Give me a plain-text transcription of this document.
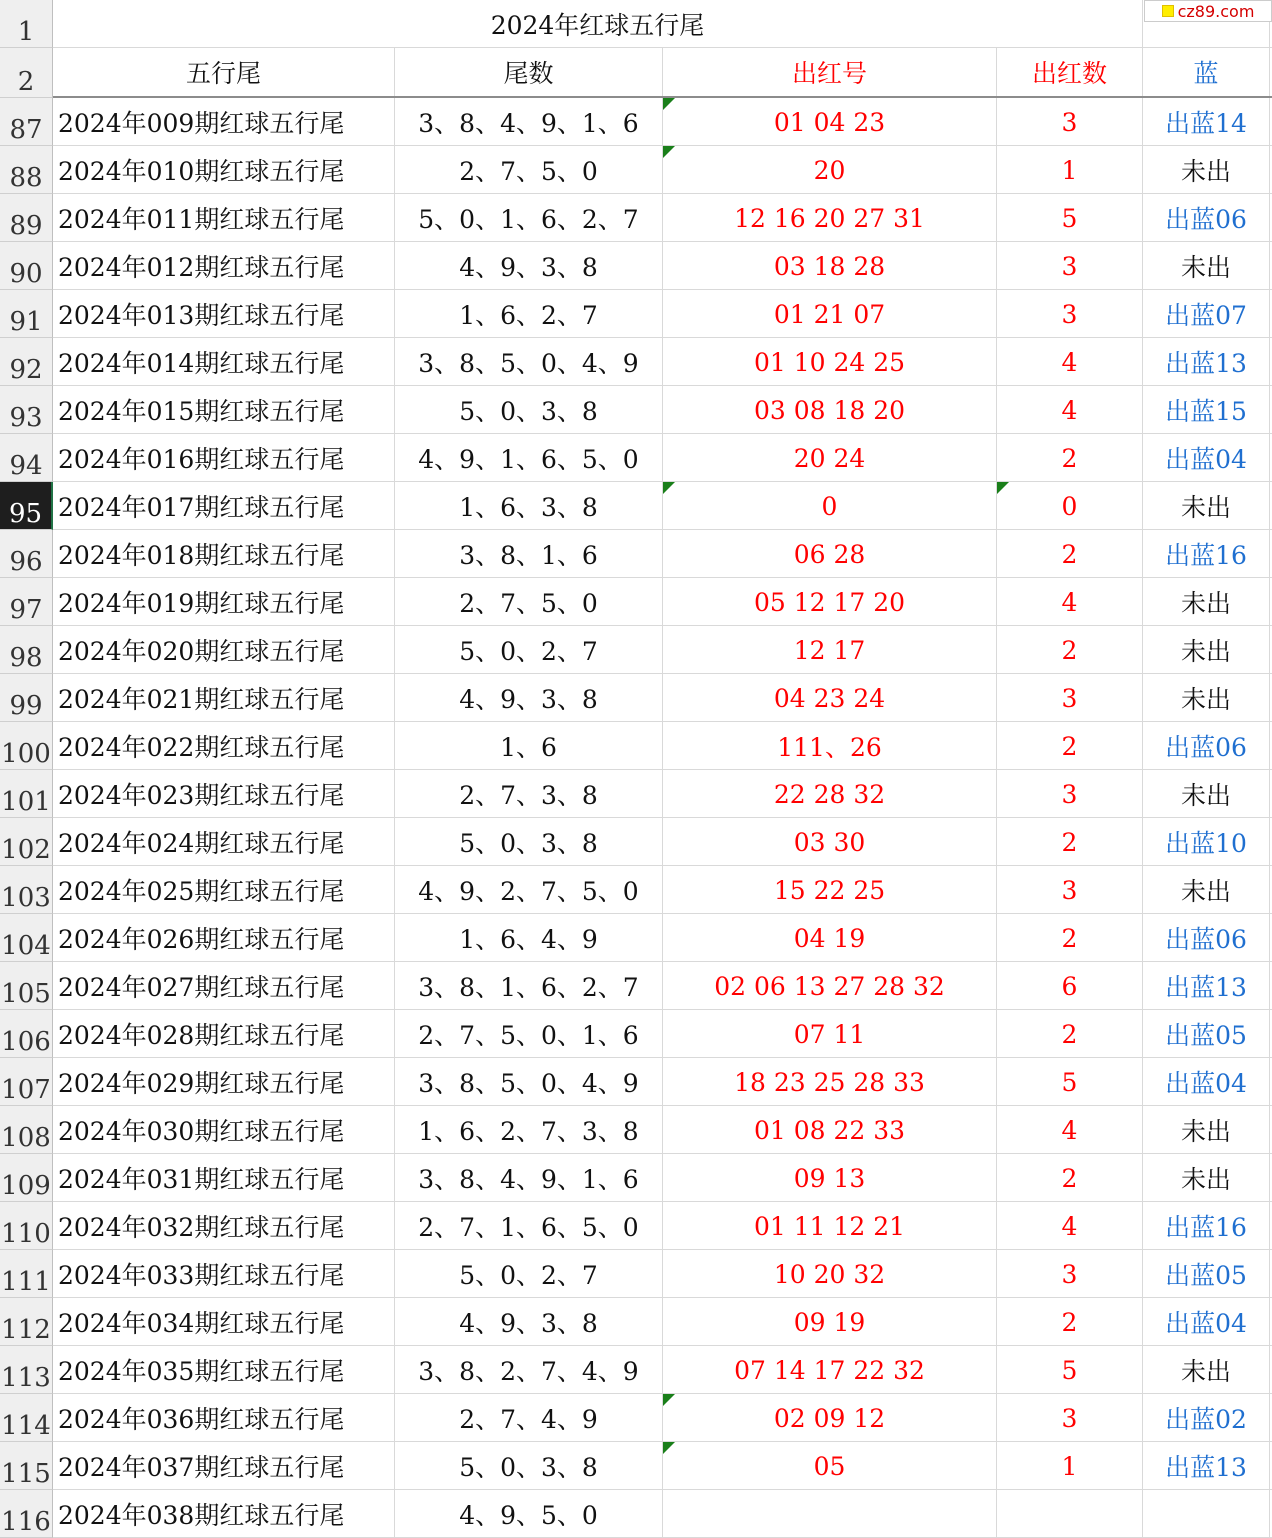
1	2024年红球五行尾
2	五行尾	尾数	出红号	出红数	蓝
87 2024年009期红球五行尾	3、8、4、9、1、6	01 04 23	3	出蓝14
88 2024年010期红球五行尾	2、7、5、0	20	1	未出
89 2024年011期红球五行尾	5、0、1、6、2、7	12 16 20 27 31	5	出蓝06
90 2024年012期红球五行尾	4、9、3、8	03 18 28	3	未出
91 2024年013期红球五行尾	1、6、2、7	01 21 07	3	出蓝07
92 2024年014期红球五行尾	3、8、5、0、4、9	01 10 24 25	4	出蓝13
93 2024年015期红球五行尾	5、0、3、8	03 08 18 20	4	出蓝15
94 2024年016期红球五行尾	4、9、1、6、5、0	20 24	2	出蓝04
95 2024年017期红球五行尾	1、6、3、8	0	0	未出
96 2024年018期红球五行尾	3、8、1、6	06 28	2	出蓝16
97 2024年019期红球五行尾	2、7、5、0	05 12 17 20	4	未出
98 2024年020期红球五行尾	5、0、2、7	12 17	2	未出
99 2024年021期红球五行尾	4、9、3、8	04 23 24	3	未出
100 2024年022期红球五行尾	1、6	111、26	2	出蓝06
101 2024年023期红球五行尾	2、7、3、8	22 28 32	3	未出
102 2024年024期红球五行尾	5、0、3、8	03 30	2	出蓝10
103 2024年025期红球五行尾	4、9、2、7、5、0	15 22 25	3	未出
104 2024年026期红球五行尾	1、6、4、9	04 19	2	出蓝06
105 2024年027期红球五行尾	3、8、1、6、2、7	02 06 13 27 28 32	6	出蓝13
106 2024年028期红球五行尾	2、7、5、0、1、6	07 11	2	出蓝05
107 2024年029期红球五行尾	3、8、5、0、4、9	18 23 25 28 33	5	出蓝04
108 2024年030期红球五行尾	1、6、2、7、3、8	01 08 22 33	4	未出
109 2024年031期红球五行尾	3、8、4、9、1、6	09 13	2	未出
110 2024年032期红球五行尾	2、7、1、6、5、0	01 11 12 21	4	出蓝16
111 2024年033期红球五行尾	5、0、2、7	10 20 32	3	出蓝05
112 2024年034期红球五行尾	4、9、3、8	09 19	2	出蓝04
113 2024年035期红球五行尾	3、8、2、7、4、9	07 14 17 22 32	5	未出
114 2024年036期红球五行尾	2、7、4、9	02 09 12	3	出蓝02
115 2024年037期红球五行尾	5、0、3、8	05	1	出蓝13
116 2024年038期红球五行尾	4、9、5、0
cz89.com
